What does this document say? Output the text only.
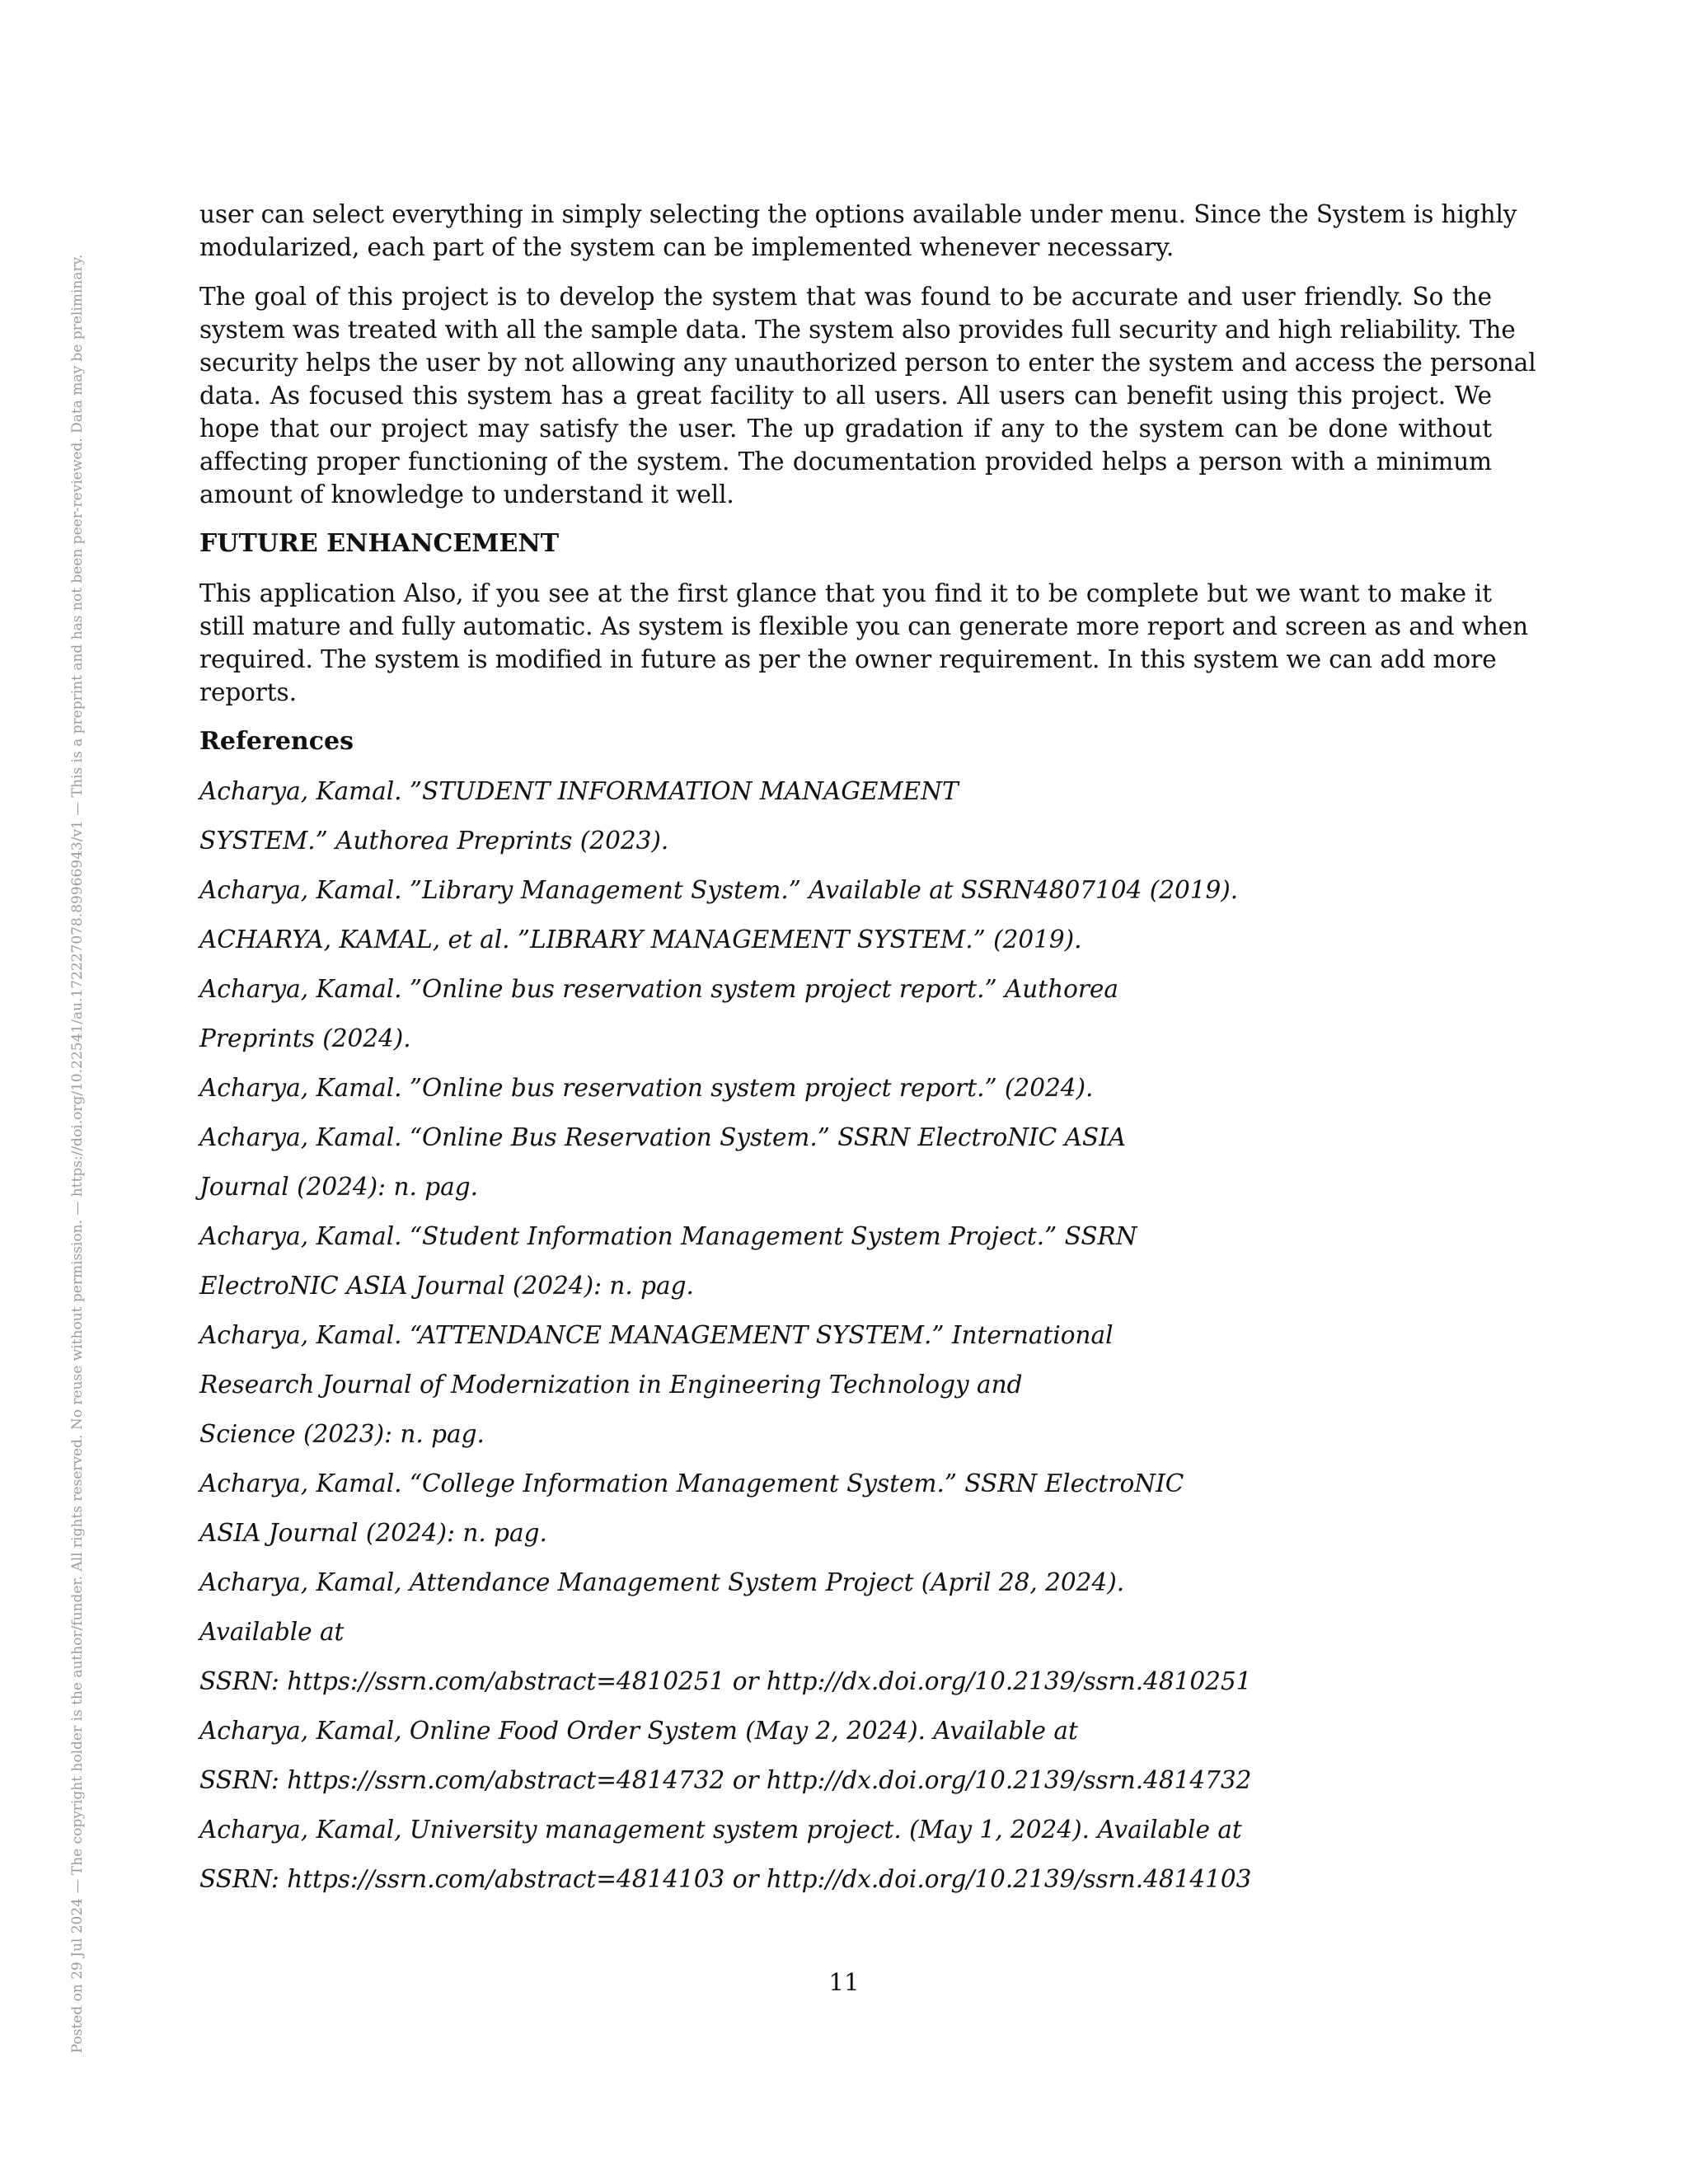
Posted on 29 Jul 2024 — The copyright holder is the author/funder. All rights reserved. No reuse without permission. — https://doi.org/10.22541/au.172227078.89966943/v1 — This is a preprint and has not been peer-reviewed. Data may be preliminary.

user can select everything in simply selecting the options available under menu. Since the System is highly
modularized, each part of the system can be implemented whenever necessary.

The goal of this project is to develop the system that was found to be accurate and user friendly. So the
system was treated with all the sample data. The system also provides full security and high reliability. The
security helps the user by not allowing any unauthorized person to enter the system and access the personal
data. As focused this system has a great facility to all users. All users can benefit using this project. We
hope that our project may satisfy the user. The up gradation if any to the system can be done without
affecting proper functioning of the system. The documentation provided helps a person with a minimum
amount of knowledge to understand it well.

FUTURE ENHANCEMENT

This application Also, if you see at the first glance that you find it to be complete but we want to make it
still mature and fully automatic. As system is flexible you can generate more report and screen as and when
required. The system is modified in future as per the owner requirement. In this system we can add more
reports.

References
Acharya, Kamal. ”STUDENT INFORMATION MANAGEMENT
SYSTEM.” Authorea Preprints (2023).
Acharya, Kamal. ”Library Management System.” Available at SSRN4807104 (2019).
ACHARYA, KAMAL, et al. ”LIBRARY MANAGEMENT SYSTEM.” (2019).
Acharya, Kamal. ”Online bus reservation system project report.” Authorea
Preprints (2024).
Acharya, Kamal. ”Online bus reservation system project report.” (2024).
Acharya, Kamal. “Online Bus Reservation System.” SSRN ElectroNIC ASIA
Journal (2024): n. pag.
Acharya, Kamal. “Student Information Management System Project.” SSRN
ElectroNIC ASIA Journal (2024): n. pag.
Acharya, Kamal. “ATTENDANCE MANAGEMENT SYSTEM.” International
Research Journal of Modernization in Engineering Technology and
Science (2023): n. pag.
Acharya, Kamal. “College Information Management System.” SSRN ElectroNIC
ASIA Journal (2024): n. pag.
Acharya, Kamal, Attendance Management System Project (April 28, 2024).
Available at
SSRN: https://ssrn.com/abstract=4810251 or http://dx.doi.org/10.2139/ssrn.4810251
Acharya, Kamal, Online Food Order System (May 2, 2024). Available at
SSRN: https://ssrn.com/abstract=4814732 or http://dx.doi.org/10.2139/ssrn.4814732
Acharya, Kamal, University management system project. (May 1, 2024). Available at
SSRN: https://ssrn.com/abstract=4814103 or http://dx.doi.org/10.2139/ssrn.4814103
11
